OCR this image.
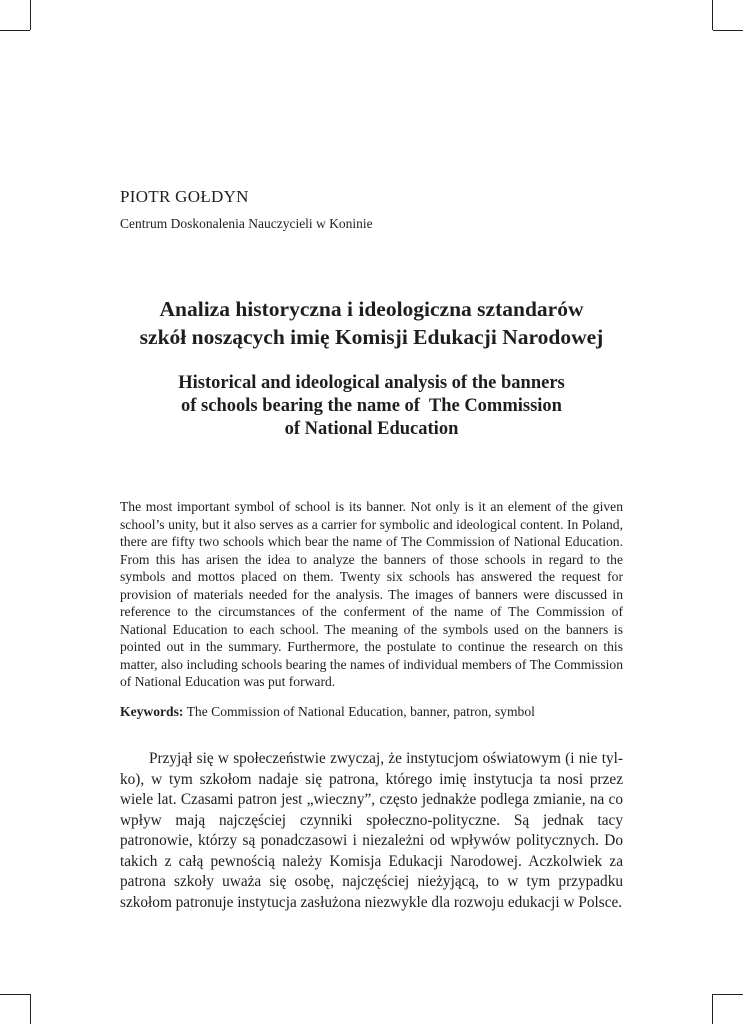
PIOTR GOŁDYN
Centrum Doskonalenia Nauczycieli w Koninie
Analiza historyczna i ideologiczna sztandarów
szkół noszących imię Komisji Edukacji Narodowej
Historical and ideological analysis of the banners
of schools bearing the name of  The Commission
of National Education

The most important symbol of school is its banner. Not only is it an element of the given school’s unity, but it also serves as a carrier for symbolic and ideological content. In Poland, there are fifty two schools which bear the name of The Commission of National Education. From this has arisen the idea to analyze the banners of those schools in regard to the symbols and mottos placed on them. Twenty six schools has answered the request for provision of materials needed for the analysis. The images of banners were discussed in reference to the circumstances of the conferment of the name of The Commission of National Education to each school. The meaning of the symbols used on the banners is pointed out in the summary. Furthermore, the postulate to continue the research on this matter, also including schools bearing the names of individual members of The Commission of National Education was put forward.

Keywords: The Commission of National Education, banner, patron, symbol

Przyjął się w społeczeństwie zwyczaj, że instytucjom oświatowym (i nie tylko), w tym szkołom nadaje się patrona, którego imię instytucja ta nosi przez wiele lat. Czasami patron jest „wieczny”, często jednakże podlega zmianie, na co wpływ mają najczęściej czynniki społeczno-polityczne. Są jednak tacy patronowie, którzy są ponadczasowi i niezależni od wpływów politycznych. Do takich z całą pewnością należy Komisja Edukacji Narodowej. Aczkolwiek za patrona szkoły uważa się osobę, najczęściej nieżyjącą, to w tym przypadku szkołom patronuje instytucja zasłużona niezwykle dla rozwoju edukacji w Polsce.
